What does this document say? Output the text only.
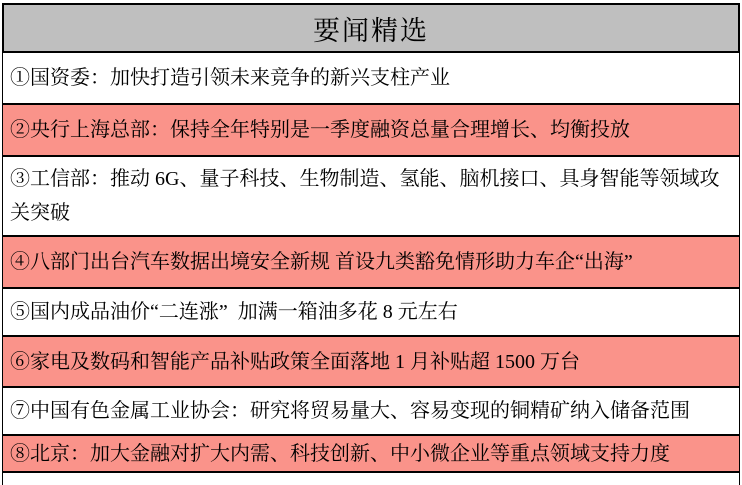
要闻精选
①国资委：加快打造引领未来竞争的新兴支柱产业
②央行上海总部：保持全年特别是一季度融资总量合理增长、均衡投放
③工信部：推动 6G、量子科技、生物制造、氢能、脑机接口、具身智能等领域攻关突破
④八部门出台汽车数据出境安全新规 首设九类豁免情形助力车企“出海”
⑤国内成品油价“二连涨”  加满一箱油多花 8 元左右
⑥家电及数码和智能产品补贴政策全面落地 1 月补贴超 1500 万台
⑦中国有色金属工业协会：研究将贸易量大、容易变现的铜精矿纳入储备范围
⑧北京：加大金融对扩大内需、科技创新、中小微企业等重点领域支持力度
